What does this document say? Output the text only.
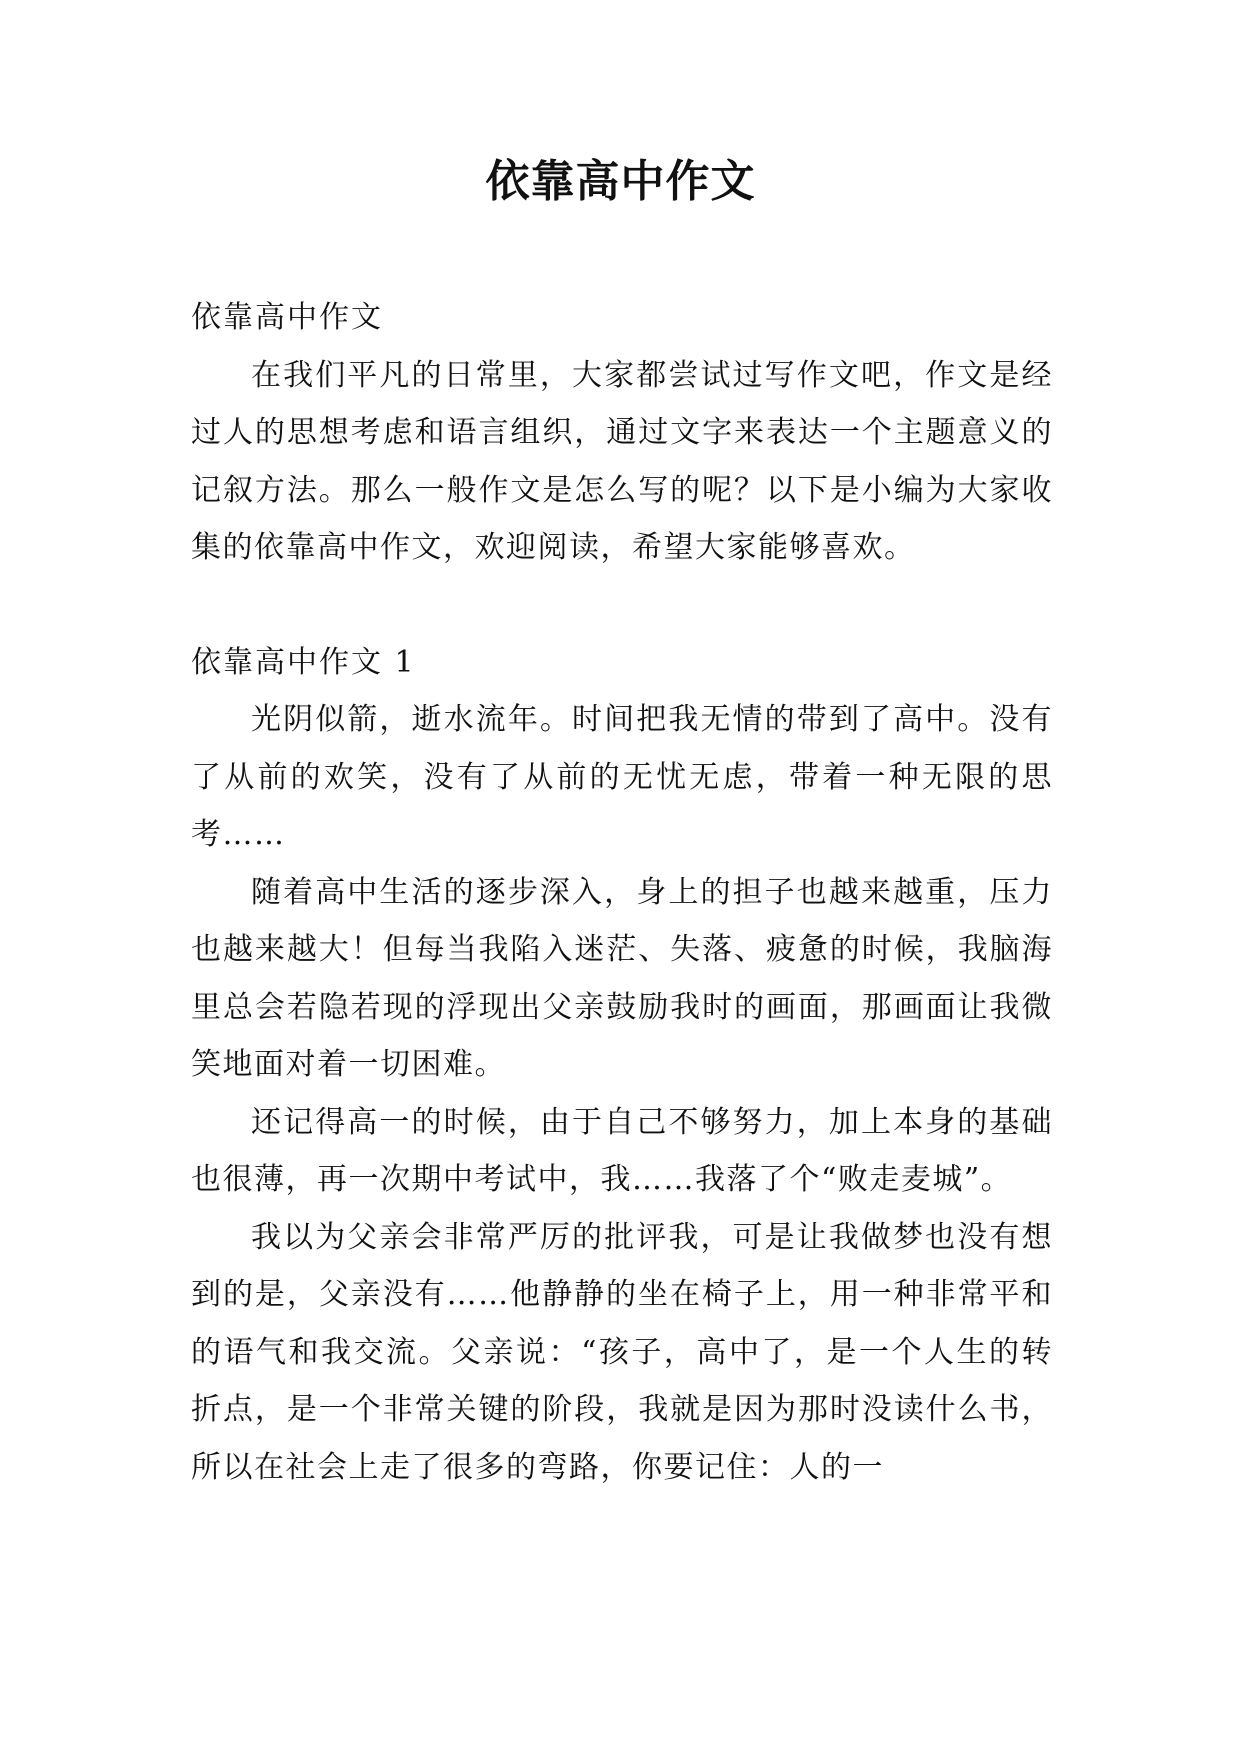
依靠高中作文

依靠高中作文

在我们平凡的日常里，大家都尝试过写作文吧，作文是经过人的思想考虑和语言组织，通过文字来表达一个主题意义的记叙方法。那么一般作文是怎么写的呢？以下是小编为大家收集的依靠高中作文，欢迎阅读，希望大家能够喜欢。

依靠高中作文 1

光阴似箭，逝水流年。时间把我无情的带到了高中。没有了从前的欢笑，没有了从前的无忧无虑，带着一种无限的思考……

随着高中生活的逐步深入，身上的担子也越来越重，压力也越来越大！但每当我陷入迷茫、失落、疲惫的时候，我脑海里总会若隐若现的浮现出父亲鼓励我时的画面，那画面让我微笑地面对着一切困难。

还记得高一的时候，由于自己不够努力，加上本身的基础也很薄，再一次期中考试中，我……我落了个“败走麦城”。

我以为父亲会非常严厉的批评我，可是让我做梦也没有想到的是，父亲没有……他静静的坐在椅子上，用一种非常平和的语气和我交流。父亲说：“孩子，高中了，是一个人生的转折点，是一个非常关键的阶段，我就是因为那时没读什么书，所以在社会上走了很多的弯路，你要记住：人的一
